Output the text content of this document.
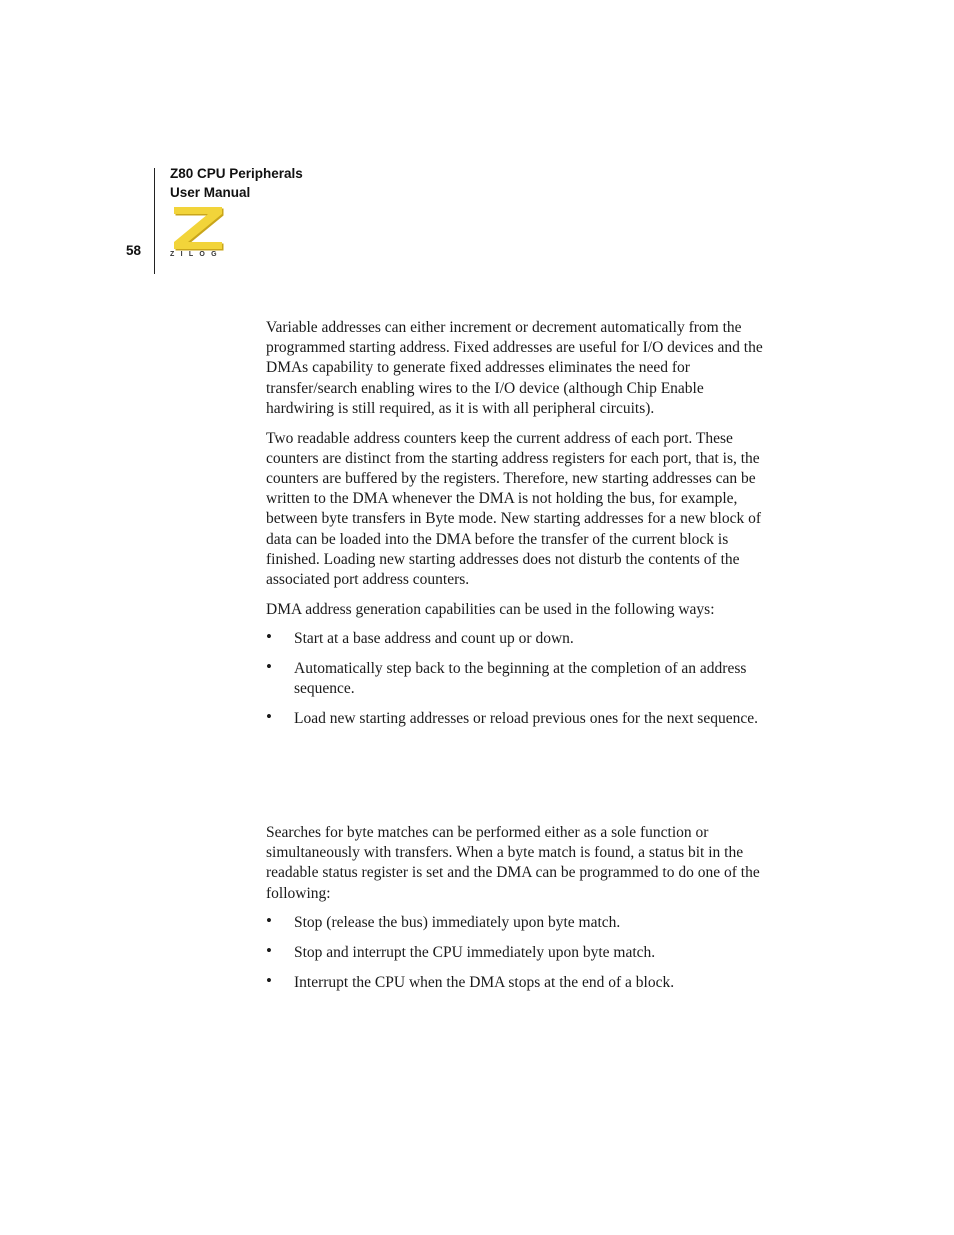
Z80 CPU Peripherals
User Manual
58	ZILOG

Variable addresses can either increment or decrement automatically from the programmed starting address. Fixed addresses are useful for I/O devices and the DMAs capability to generate fixed addresses eliminates the need for transfer/search enabling wires to the I/O device (although Chip Enable hardwiring is still required, as it is with all peripheral circuits).

Two readable address counters keep the current address of each port. These counters are distinct from the starting address registers for each port, that is, the counters are buffered by the registers. Therefore, new starting addresses can be written to the DMA whenever the DMA is not holding the bus, for example, between byte transfers in Byte mode. New starting addresses for a new block of data can be loaded into the DMA before the transfer of the current block is finished. Loading new starting addresses does not disturb the contents of the associated port address counters.

DMA address generation capabilities can be used in the following ways:

• Start at a base address and count up or down.
• Automatically step back to the beginning at the completion of an address sequence.
• Load new starting addresses or reload previous ones for the next sequence.

Searches for byte matches can be performed either as a sole function or simultaneously with transfers. When a byte match is found, a status bit in the readable status register is set and the DMA can be programmed to do one of the following:

• Stop (release the bus) immediately upon byte match.
• Stop and interrupt the CPU immediately upon byte match.
• Interrupt the CPU when the DMA stops at the end of a block.
